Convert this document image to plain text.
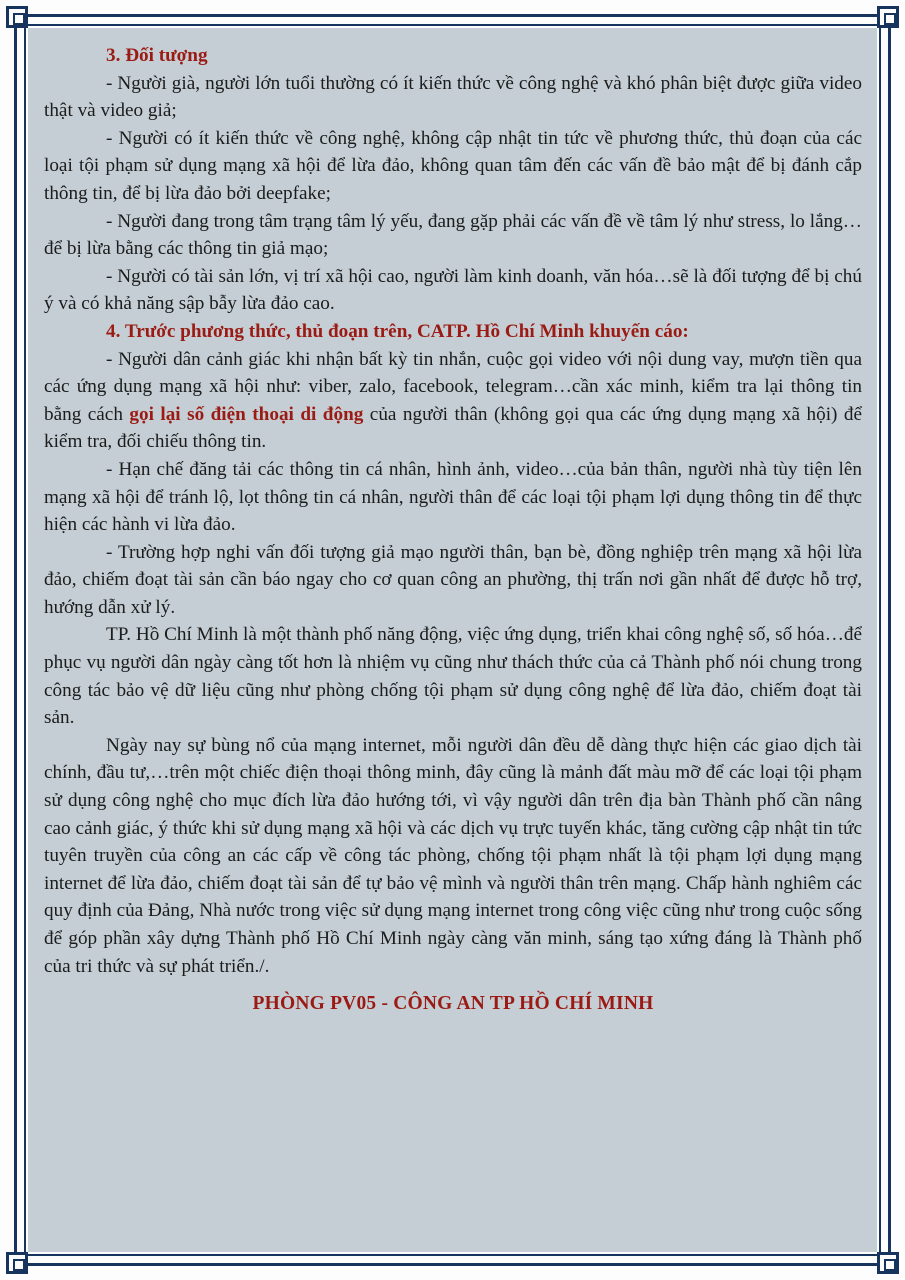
3. Đối tượng

- Người già, người lớn tuổi thường có ít kiến thức về công nghệ và khó phân biệt được giữa video thật và video giả;

- Người có ít kiến thức về công nghệ, không cập nhật tin tức về phương thức, thủ đoạn của các loại tội phạm sử dụng mạng xã hội để lừa đảo, không quan tâm đến các vấn đề bảo mật để bị đánh cắp thông tin, để bị lừa đảo bởi deepfake;

- Người đang trong tâm trạng tâm lý yếu, đang gặp phải các vấn đề về tâm lý như stress, lo lắng…để bị lừa bằng các thông tin giả mạo;

- Người có tài sản lớn, vị trí xã hội cao, người làm kinh doanh, văn hóa…sẽ là đối tượng để bị chú ý và có khả năng sập bẫy lừa đảo cao.

4. Trước phương thức, thủ đoạn trên, CATP. Hồ Chí Minh khuyến cáo:

- Người dân cảnh giác khi nhận bất kỳ tin nhắn, cuộc gọi video với nội dung vay, mượn tiền qua các ứng dụng mạng xã hội như: viber, zalo, facebook, telegram…cần xác minh, kiểm tra lại thông tin bằng cách gọi lại số điện thoại di động của người thân (không gọi qua các ứng dụng mạng xã hội) để kiểm tra, đối chiếu thông tin.

- Hạn chế đăng tải các thông tin cá nhân, hình ảnh, video…của bản thân, người nhà tùy tiện lên mạng xã hội để tránh lộ, lọt thông tin cá nhân, người thân để các loại tội phạm lợi dụng thông tin để thực hiện các hành vi lừa đảo.

- Trường hợp nghi vấn đối tượng giả mạo người thân, bạn bè, đồng nghiệp trên mạng xã hội lừa đảo, chiếm đoạt tài sản cần báo ngay cho cơ quan công an phường, thị trấn nơi gần nhất để được hỗ trợ, hướng dẫn xử lý.

TP. Hồ Chí Minh là một thành phố năng động, việc ứng dụng, triển khai công nghệ số, số hóa…để phục vụ người dân ngày càng tốt hơn là nhiệm vụ cũng như thách thức của cả Thành phố nói chung trong công tác bảo vệ dữ liệu cũng như phòng chống tội phạm sử dụng công nghệ để lừa đảo, chiếm đoạt tài sản.

Ngày nay sự bùng nổ của mạng internet, mỗi người dân đều dễ dàng thực hiện các giao dịch tài chính, đầu tư,…trên một chiếc điện thoại thông minh, đây cũng là mảnh đất màu mỡ để các loại tội phạm sử dụng công nghệ cho mục đích lừa đảo hướng tới, vì vậy người dân trên địa bàn Thành phố cần nâng cao cảnh giác, ý thức khi sử dụng mạng xã hội và các dịch vụ trực tuyến khác, tăng cường cập nhật tin tức tuyên truyền của công an các cấp về công tác phòng, chống tội phạm nhất là tội phạm lợi dụng mạng internet để lừa đảo, chiếm đoạt tài sản để tự bảo vệ mình và người thân trên mạng. Chấp hành nghiêm các quy định của Đảng, Nhà nước trong việc sử dụng mạng internet trong công việc cũng như trong cuộc sống để góp phần xây dựng Thành phố Hồ Chí Minh ngày càng văn minh, sáng tạo xứng đáng là Thành phố của tri thức và sự phát triển./.

PHÒNG PV05 - CÔNG AN TP HỒ CHÍ MINH
